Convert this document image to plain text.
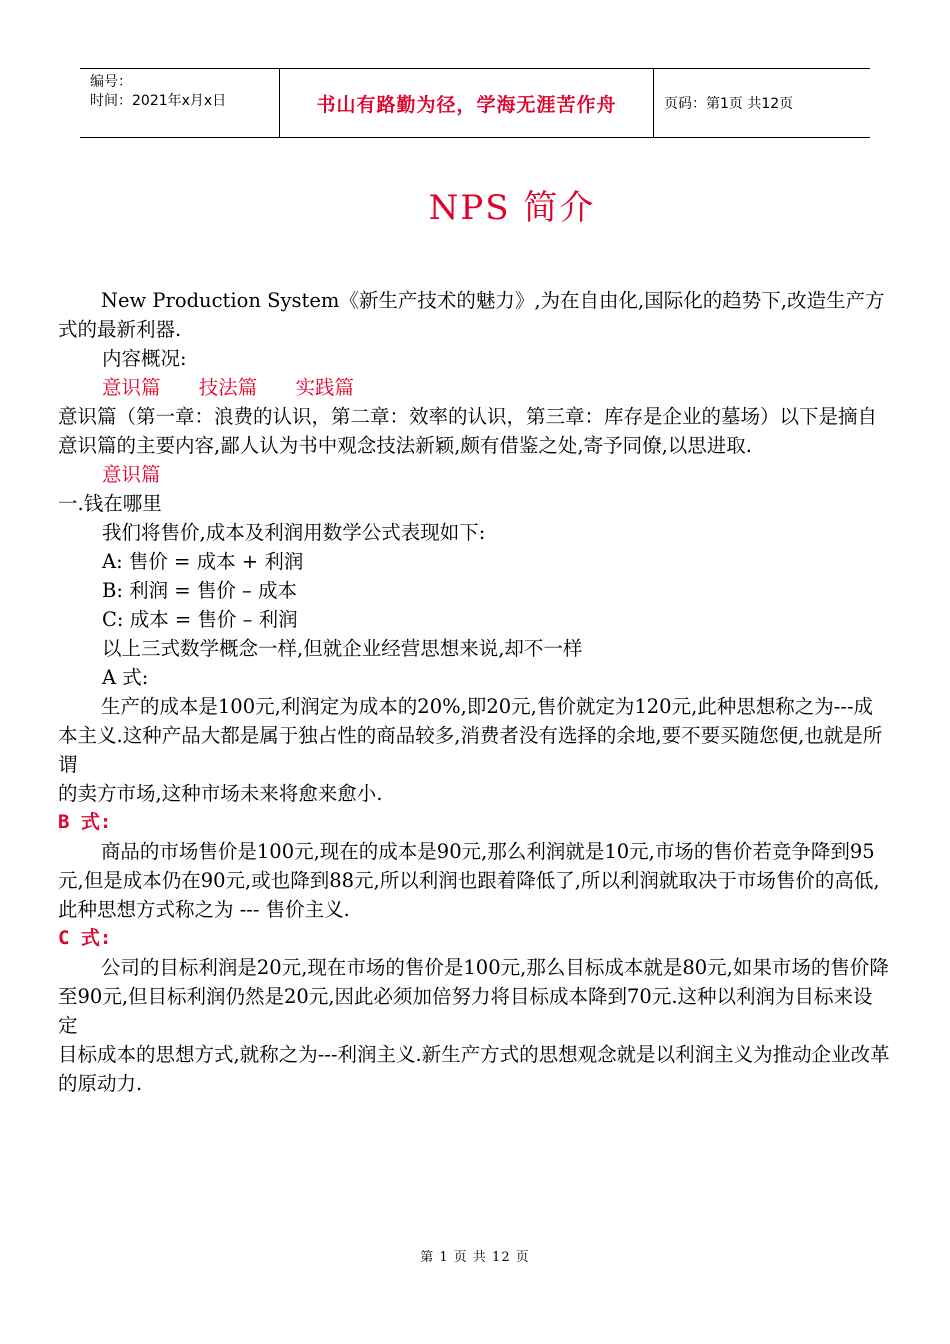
编号：
时间：2021年x月x日	书山有路勤为径，学海无涯苦作舟	页码：第1页 共12页
NPS 简介

New Production System《新生产技术的魅力》,为在自由化,国际化的趋势下,改造生产方式的最新利器.

内容概况:

意识篇 技法篇 实践篇

意识篇（第一章：浪费的认识，第二章：效率的认识，第三章：库存是企业的墓场）以下是摘自意识篇的主要内容,鄙人认为书中观念技法新颖,颇有借鉴之处,寄予同僚,以思进取.

意识篇

一.钱在哪里

我们将售价,成本及利润用数学公式表现如下:

A: 售价 = 成本 + 利润

B: 利润 = 售价 – 成本

C: 成本 = 售价 – 利润

以上三式数学概念一样,但就企业经营思想来说,却不一样

A 式:

生产的成本是100元,利润定为成本的20%,即20元,售价就定为120元,此种思想称之为---成本主义.这种产品大都是属于独占性的商品较多,消费者没有选择的余地,要不要买随您便,也就是所谓

的卖方市场,这种市场未来将愈来愈小.

B 式:

商品的市场售价是100元,现在的成本是90元,那么利润就是10元,市场的售价若竞争降到95元,但是成本仍在90元,或也降到88元,所以利润也跟着降低了,所以利润就取决于市场售价的高低,此种思想方式称之为 --- 售价主义.

C 式:

公司的目标利润是20元,现在市场的售价是100元,那么目标成本就是80元,如果市场的售价降

至90元,但目标利润仍然是20元,因此必须加倍努力将目标成本降到70元.这种以利润为目标来设定

目标成本的思想方式,就称之为---利润主义.新生产方式的思想观念就是以利润主义为推动企业改革

的原动力.

第 1 页 共 12 页
